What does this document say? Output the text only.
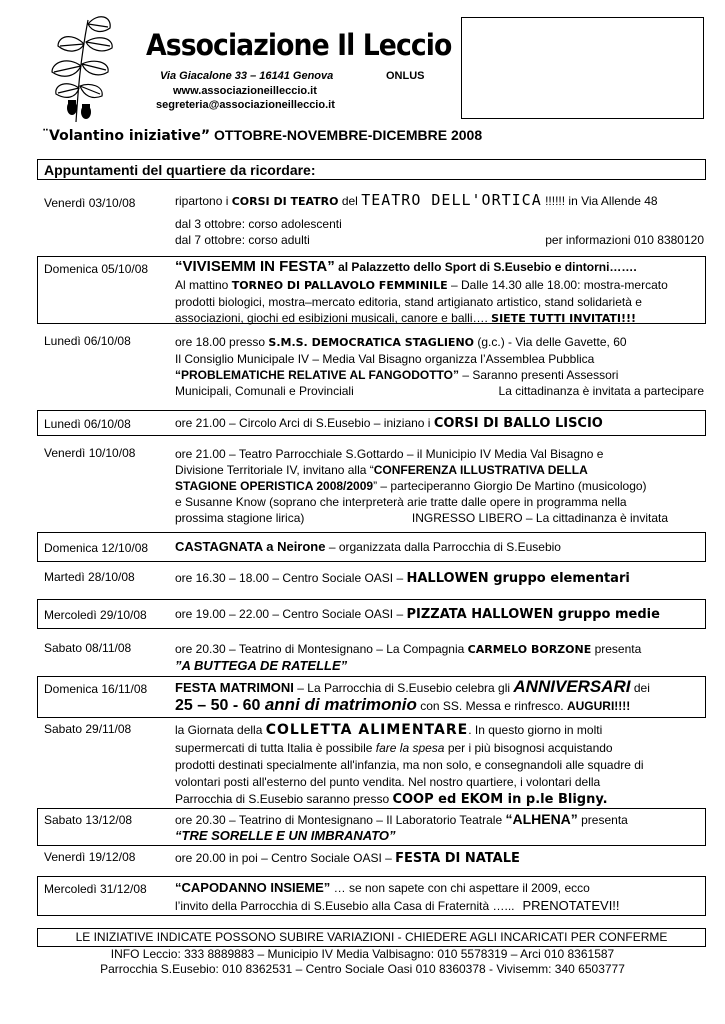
Associazione Il Leccio
Via Giacalone 33 – 16141 Genova	ONLUS
www.associazioneilleccio.it
segreteria@associazioneilleccio.it
¨Volantino iniziative” OTTOBRE-NOVEMBRE-DICEMBRE 2008
Appuntamenti del quartiere da ricordare:
Venerdì 03/10/08	ripartono i CORSI DI TEATRO del TEATRO DELL'ORTICA !!!!!! in Via Allende 48
dal 3 ottobre: corso adolescenti
dal 7 ottobre: corso adulti	per informazioni 010 8380120
Domenica 05/10/08 “VIVISEMM IN FESTA” al Palazzetto dello Sport di S.Eusebio e dintorni…….
Al mattino TORNEO DI PALLAVOLO FEMMINILE – Dalle 14.30 alle 18.00: mostra-mercato
prodotti biologici, mostra–mercato editoria, stand artigianato artistico, stand solidarietà e
associazioni, giochi ed esibizioni musicali, canore e balli…. SIETE TUTTI INVITATI!!!
Lunedì 06/10/08	ore 18.00 presso S.M.S. DEMOCRATICA STAGLIENO (g.c.) - Via delle Gavette, 60
Il Consiglio Municipale IV – Media Val Bisagno organizza l’Assemblea Pubblica
“PROBLEMATICHE RELATIVE AL FANGODOTTO” – Saranno presenti Assessori
Municipali, Comunali e Provinciali	La cittadinanza è invitata a partecipare
Lunedì 06/10/08	ore 21.00 – Circolo Arci di S.Eusebio – iniziano i CORSI DI BALLO LISCIO
Venerdì 10/10/08	ore 21.00 – Teatro Parrocchiale S.Gottardo – il Municipio IV Media Val Bisagno e
Divisione Territoriale IV, invitano alla “CONFERENZA ILLUSTRATIVA DELLA
STAGIONE OPERISTICA 2008/2009” – parteciperanno Giorgio De Martino (musicologo)
e Susanne Know (soprano che interpreterà arie tratte dalle opere in programma nella
prossima stagione lirica)	INGRESSO LIBERO – La cittadinanza è invitata
Domenica 12/10/08 CASTAGNATA a Neirone – organizzata dalla Parrocchia di S.Eusebio
Martedì 28/10/08	ore 16.30 – 18.00 – Centro Sociale OASI – HALLOWEN gruppo elementari
Mercoledì 29/10/08 ore 19.00 – 22.00 – Centro Sociale OASI – PIZZATA HALLOWEN gruppo medie
Sabato 08/11/08	ore 20.30 – Teatrino di Montesignano – La Compagnia CARMELO BORZONE presenta
”A BUTTEGA DE RATELLE”
Domenica 16/11/08 FESTA MATRIMONI – La Parrocchia di S.Eusebio celebra gli ANNIVERSARI dei
25 – 50 - 60 anni di matrimonio con SS. Messa e rinfresco. AUGURI!!!!
Sabato 29/11/08	la Giornata della COLLETTA ALIMENTARE. In questo giorno in molti
supermercati di tutta Italia è possibile fare la spesa per i più bisognosi acquistando
prodotti destinati specialmente all'infanzia, ma non solo, e consegnandoli alle squadre di
volontari posti all'esterno del punto vendita. Nel nostro quartiere, i volontari della
Parrocchia di S.Eusebio saranno presso COOP ed EKOM in p.le Bligny.
Sabato 13/12/08	ore 20.30 – Teatrino di Montesignano – Il Laboratorio Teatrale “ALHENA” presenta
“TRE SORELLE E UN IMBRANATO”
Venerdì 19/12/08	ore 20.00 in poi – Centro Sociale OASI – FESTA DI NATALE
Mercoledì 31/12/08 “CAPODANNO INSIEME” … se non sapete con chi aspettare il 2009, ecco
l’invito della Parrocchia di S.Eusebio alla Casa di Fraternità …... PRENOTATEVI!!
LE INIZIATIVE INDICATE POSSONO SUBIRE VARIAZIONI - CHIEDERE AGLI INCARICATI PER CONFERME
INFO Leccio: 333 8889883 – Municipio IV Media Valbisagno: 010 5578319 – Arci 010 8361587
Parrocchia S.Eusebio: 010 8362531 – Centro Sociale Oasi 010 8360378 - Vivisemm: 340 6503777
